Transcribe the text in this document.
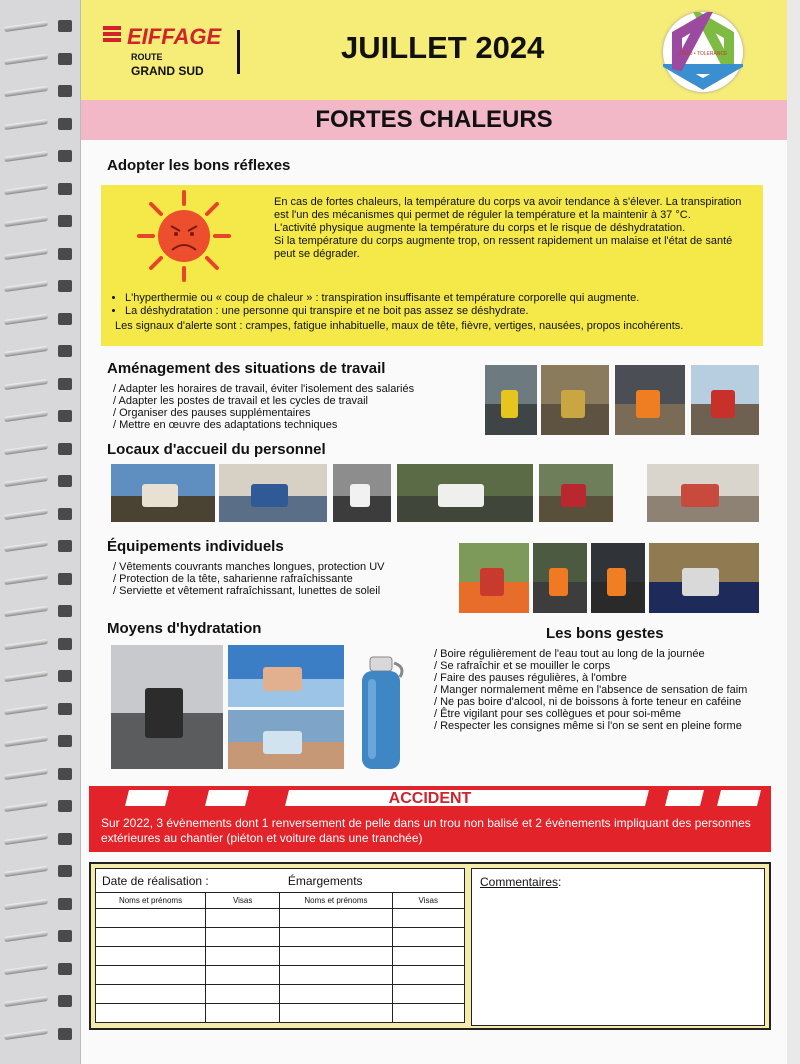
EIFFAGE
ROUTE
GRAND SUD
JUILLET 2024	ZERO • TOLERANCE
FORTES CHALEURS
Adopter les bons réflexes

En cas de fortes chaleurs, la température du corps va avoir tendance à s'élever. La transpiration est l'un des mécanismes qui permet de réguler la température et la maintenir à 37 °C.

L'activité physique augmente la température du corps et le risque de déshydratation.

Si la température du corps augmente trop, on ressent rapidement un malaise et l'état de santé peut se dégrader.

• L'hyperthermie ou « coup de chaleur » : transpiration insuffisante et température corporelle qui augmente.
• La déshydratation : une personne qui transpire et ne boit pas assez se déshydrate.
Les signaux d'alerte sont : crampes, fatigue inhabituelle, maux de tête, fièvre, vertiges, nausées, propos incohérents.
Aménagement des situations de travail
/ Adapter les horaires de travail, éviter l'isolement des salariés
/ Adapter les postes de travail et les cycles de travail
/ Organiser des pauses supplémentaires
/ Mettre en œuvre des adaptations techniques
Locaux d'accueil du personnel
Équipements individuels
/ Vêtements couvrants manches longues, protection UV
/ Protection de la tête, saharienne rafraîchissante
/ Serviette et vêtement rafraîchissant, lunettes de soleil
Moyens d'hydratation	Les bons gestes
/ Boire régulièrement de l'eau tout au long de la journée
/ Se rafraîchir et se mouiller le corps
/ Faire des pauses régulières, à l'ombre
/ Manger normalement même en l'absence de sensation de faim
/ Ne pas boire d'alcool, ni de boissons à forte teneur en caféine
/ Être vigilant pour ses collègues et pour soi-même
/ Respecter les consignes même si l'on se sent en pleine forme
ACCIDENT
Sur 2022, 3 évènements dont 1 renversement de pelle dans un trou non balisé et 2 évènements impliquant des personnes extérieures au chantier (piéton et voiture dans une tranchée)
Date de réalisation :		Émargements	
Noms et prénoms	Visas	Noms et prénoms	Visas

Commentaires :
